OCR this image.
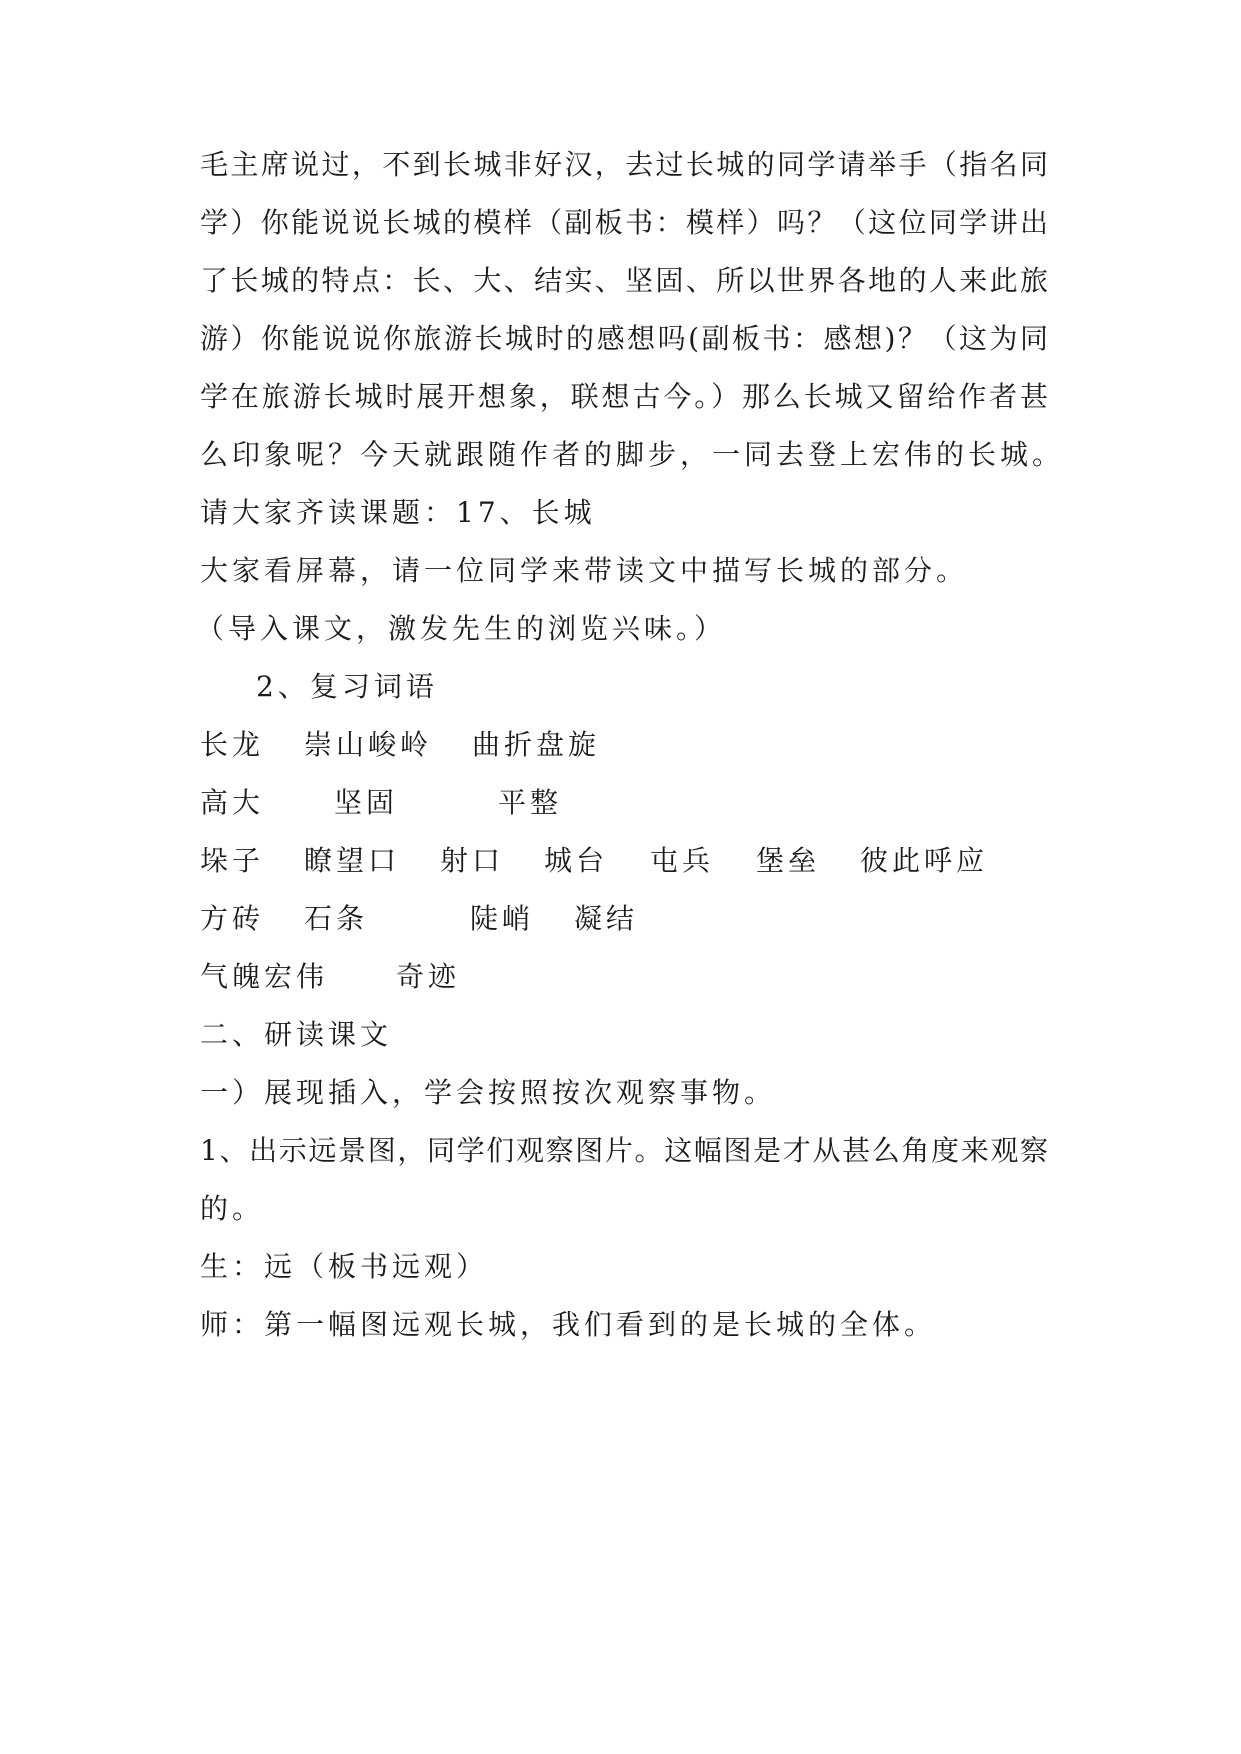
毛主席说过，不到长城非好汉，去过长城的同学请举手（指名同
学）你能说说长城的模样（副板书：模样）吗？（这位同学讲出
了长城的特点：长、大、结实、坚固、所以世界各地的人来此旅
游）你能说说你旅游长城时的感想吗(副板书：感想)？（这为同
学在旅游长城时展开想象，联想古今。）那么长城又留给作者甚
么印象呢？今天就跟随作者的脚步，一同去登上宏伟的长城。
请大家齐读课题：17、长城
大家看屏幕，请一位同学来带读文中描写长城的部分。
（导入课文，激发先生的浏览兴味。）
2、复习词语
长龙 崇山峻岭 曲折盘旋
高大 坚固	平整
垛子 瞭望口 射口 城台 屯兵 堡垒 彼此呼应
方砖 石条	陡峭 凝结
气魄宏伟 奇迹
二、研读课文
一）展现插入，学会按照按次观察事物。
1、出示远景图，同学们观察图片。这幅图是才从甚么角度来观察
的。
生：远（板书远观）
师：第一幅图远观长城，我们看到的是长城的全体。
